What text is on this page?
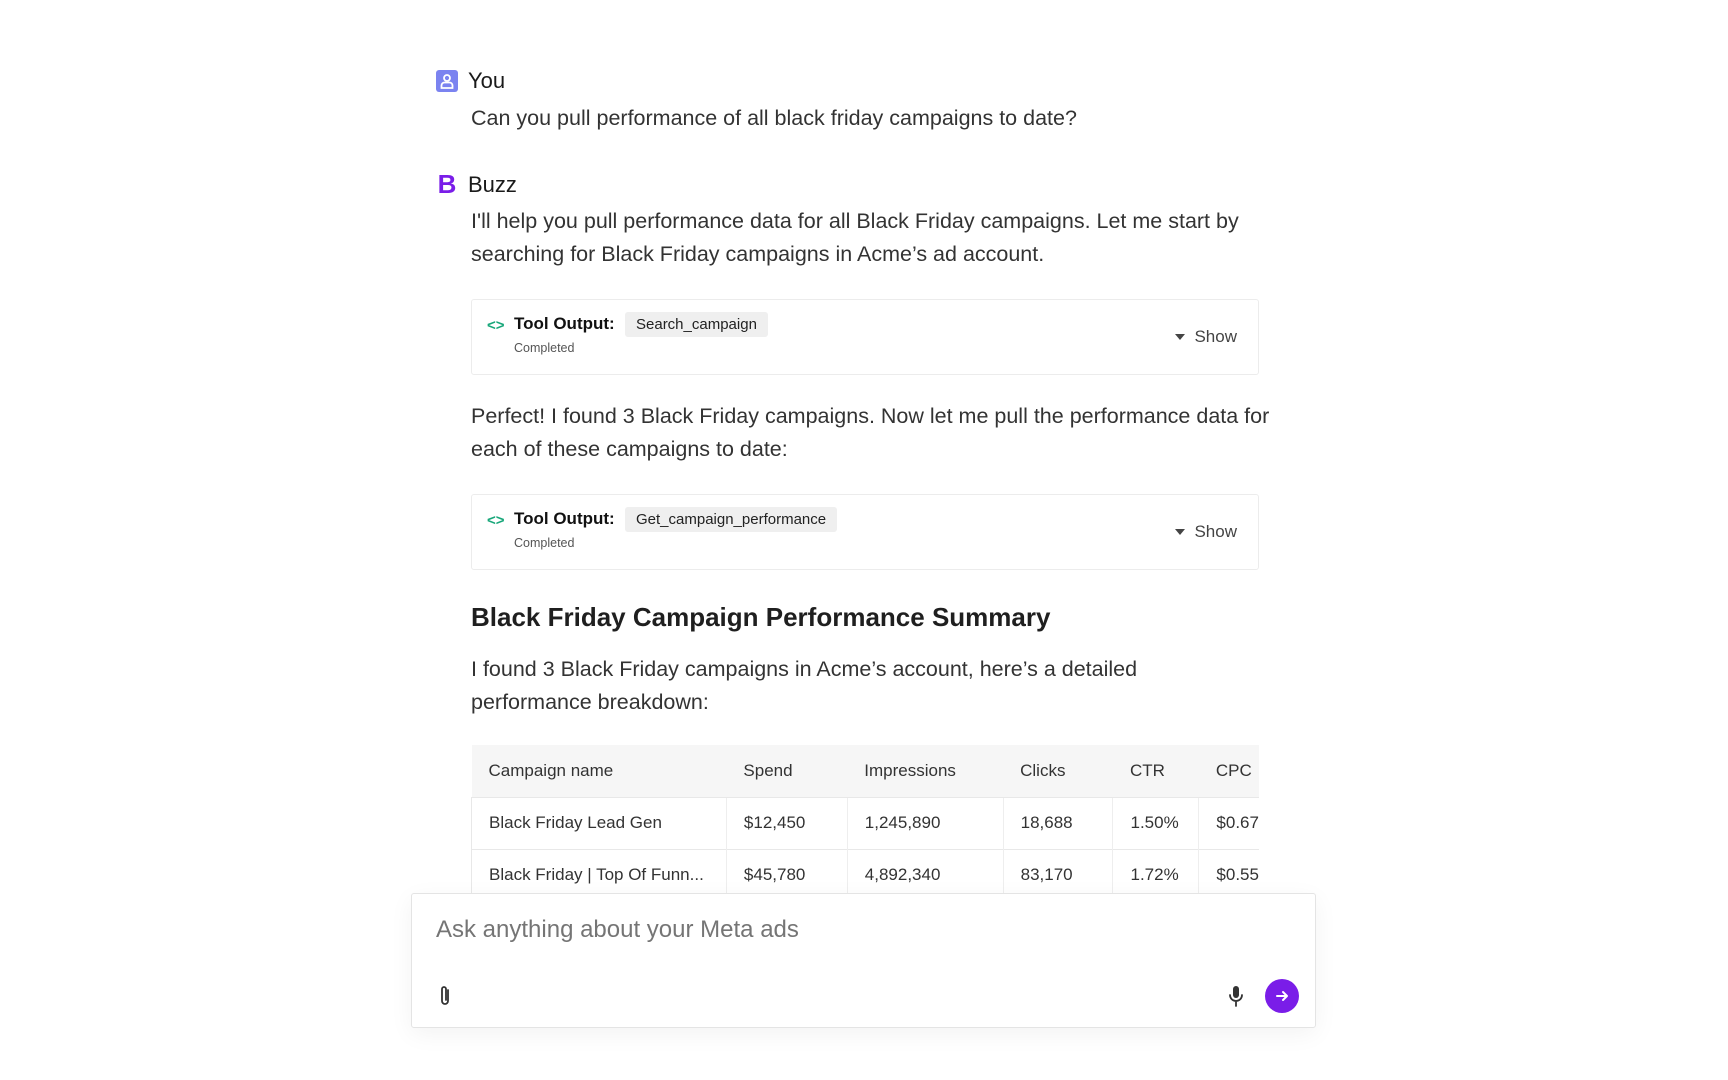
You
Can you pull performance of all black friday campaigns to date?
B Buzz
I'll help you pull performance data for all Black Friday campaigns. Let me start by searching for Black Friday campaigns in Acme’s ad account.
<> Tool Output:	Search_campaign
Completed
Show
Perfect! I found 3 Black Friday campaigns. Now let me pull the performance data for each of these campaigns to date:
<> Tool Output:	Get_campaign_performance
Completed
Show
Black Friday Campaign Performance Summary
I found 3 Black Friday campaigns in Acme’s account, here’s a detailed performance breakdown:
Campaign name	Spend	Impressions	Clicks	CTR	CPC
Black Friday Lead Gen	$12,450	1,245,890	18,688	1.50%	$0.67
Black Friday | Top Of Funn...	$45,780	4,892,340	83,170	1.72%	$0.55
Ask anything about your Meta ads
